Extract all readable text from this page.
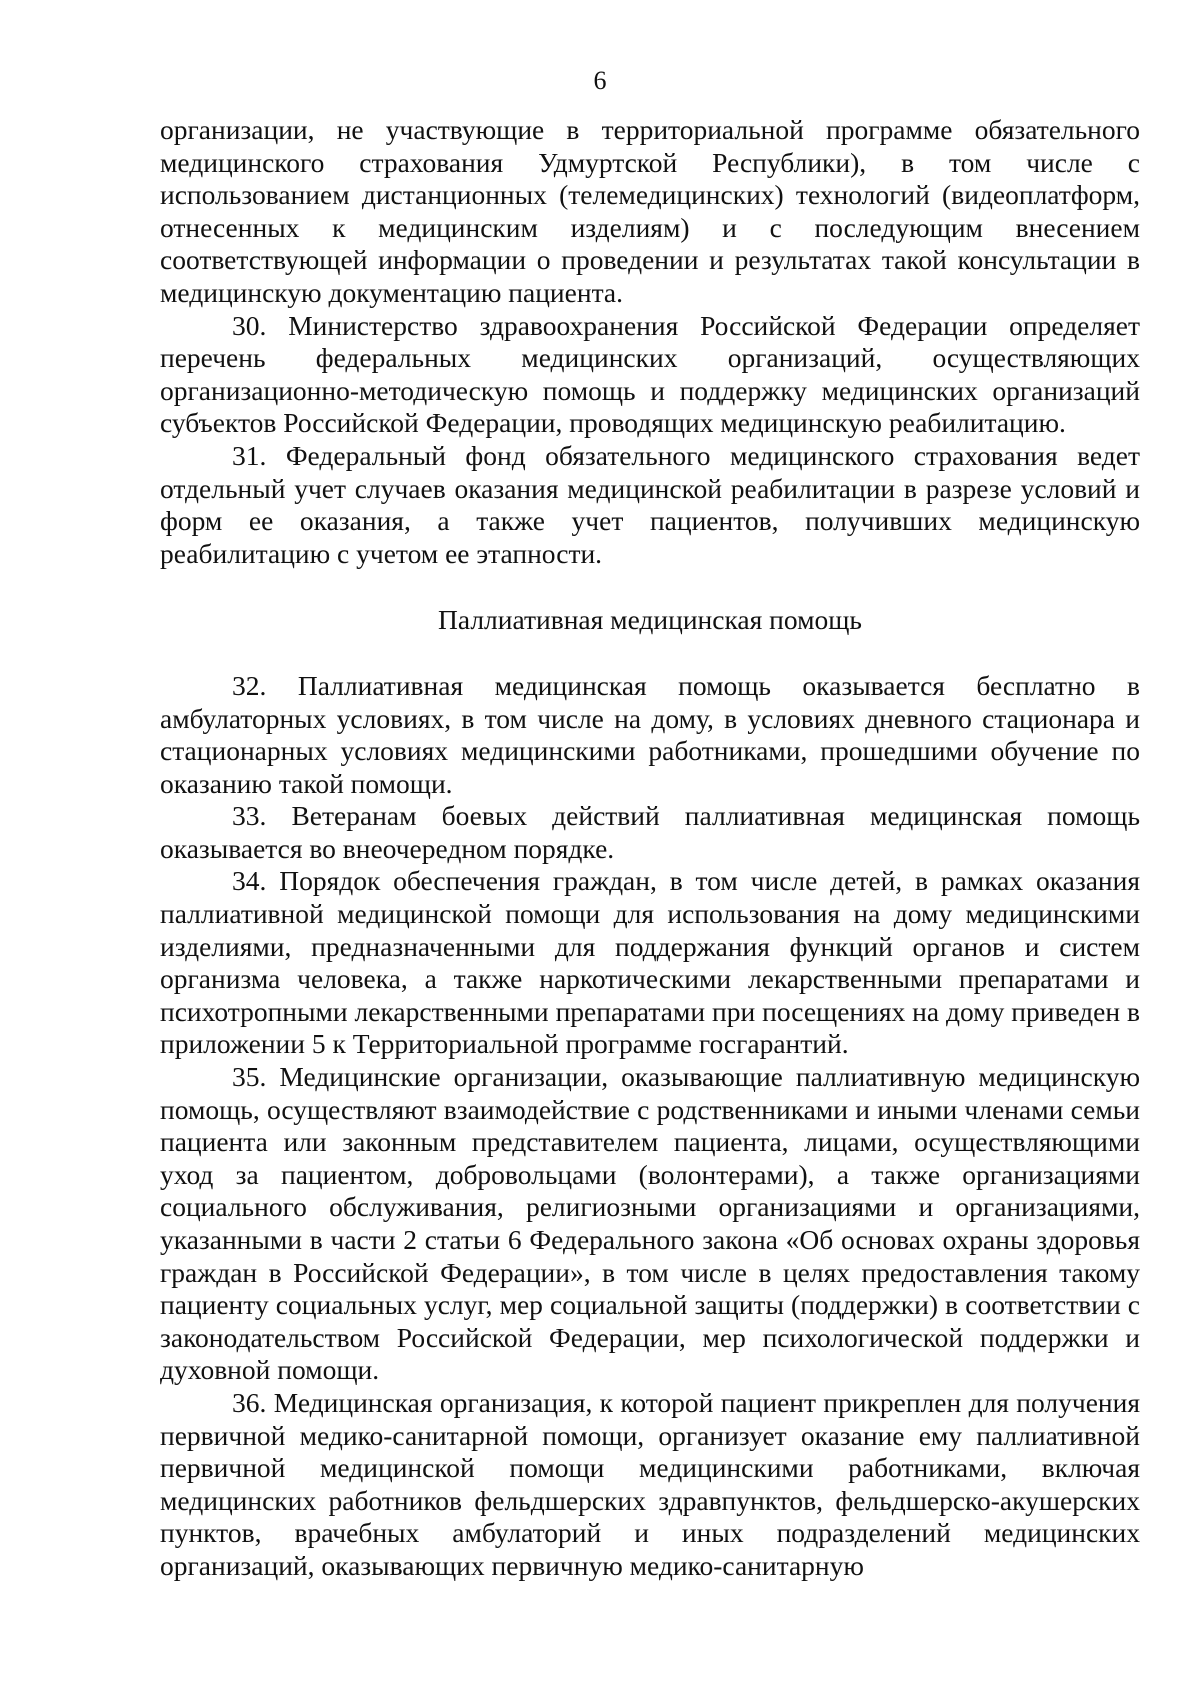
6

организации, не участвующие в территориальной программе обязательного медицинского страхования Удмуртской Республики), в том числе с использованием дистанционных (телемедицинских) технологий (видеоплатформ, отнесенных к медицинским изделиям) и с последующим внесением соответствующей информации о проведении и результатах такой консультации в медицинскую документацию пациента.

30. Министерство здравоохранения Российской Федерации определяет перечень федеральных медицинских организаций, осуществляющих организационно-методическую помощь и поддержку медицинских организаций субъектов Российской Федерации, проводящих медицинскую реабилитацию.

31. Федеральный фонд обязательного медицинского страхования ведет отдельный учет случаев оказания медицинской реабилитации в разрезе условий и форм ее оказания, а также учет пациентов, получивших медицинскую реабилитацию с учетом ее этапности.

Паллиативная медицинская помощь

32. Паллиативная медицинская помощь оказывается бесплатно в амбулаторных условиях, в том числе на дому, в условиях дневного стационара и стационарных условиях медицинскими работниками, прошедшими обучение по оказанию такой помощи.

33. Ветеранам боевых действий паллиативная медицинская помощь оказывается во внеочередном порядке.

34. Порядок обеспечения граждан, в том числе детей, в рамках оказания паллиативной медицинской помощи для использования на дому медицинскими изделиями, предназначенными для поддержания функций органов и систем организма человека, а также наркотическими лекарственными препаратами и психотропными лекарственными препаратами при посещениях на дому приведен в приложении 5 к Территориальной программе госгарантий.

35. Медицинские организации, оказывающие паллиативную медицинскую помощь, осуществляют взаимодействие с родственниками и иными членами семьи пациента или законным представителем пациента, лицами, осуществляющими уход за пациентом, добровольцами (волонтерами), а также организациями социального обслуживания, религиозными организациями и организациями, указанными в части 2 статьи 6 Федерального закона «Об основах охраны здоровья граждан в Российской Федерации», в том числе в целях предоставления такому пациенту социальных услуг, мер социальной защиты (поддержки) в соответствии с законодательством Российской Федерации, мер психологической поддержки и духовной помощи.

36. Медицинская организация, к которой пациент прикреплен для получения первичной медико-санитарной помощи, организует оказание ему паллиативной первичной медицинской помощи медицинскими работниками, включая медицинских работников фельдшерских здравпунктов, фельдшерско-акушерских пунктов, врачебных амбулаторий и иных подразделений медицинских организаций, оказывающих первичную медико-санитарную
